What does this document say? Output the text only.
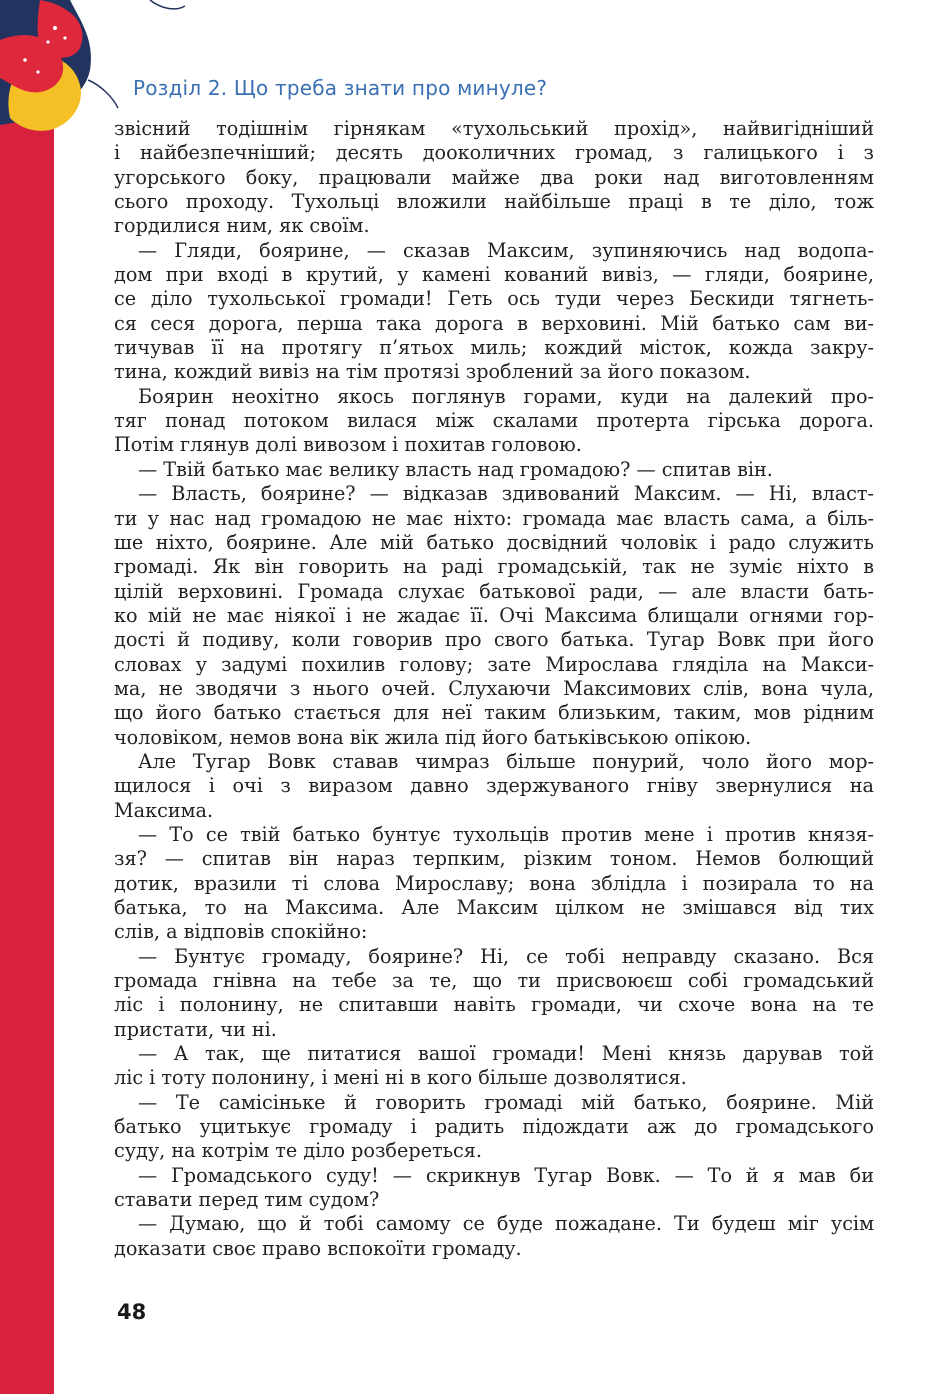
Розділ 2. Що треба знати про минуле?
звісний тодішнім гірнякам «тухольський прохід», найвигідніший
і найбезпечніший; десять дооколичних громад, з галицького і з
угорського боку, працювали майже два роки над виготовленням
сього проходу. Тухольці вложили найбільше праці в те діло, тож
гордилися ним, як своїм.
— Гляди, боярине, — сказав Максим, зупиняючись над водопа-
дом при вході в крутий, у камені кований вивіз, — гляди, боярине,
се діло тухольської громади! Геть ось туди через Бескиди тягнеть-
ся сеся дорога, перша така дорога в верховині. Мій батько сам ви-
тичував її на протягу п’ятьох миль; кождий місток, кожда закру-
тина, кождий вивіз на тім протязі зроблений за його показом.
Боярин неохітно якось поглянув горами, куди на далекий про-
тяг понад потоком вилася між скалами протерта гірська дорога.
Потім глянув долі вивозом і похитав головою.
— Твій батько має велику власть над громадою? — спитав він.
— Власть, боярине? — відказав здивований Максим. — Ні, власт-
ти у нас над громадою не має ніхто: громада має власть сама, а біль-
ше ніхто, боярине. Але мій батько досвідний чоловік і радо служить
громаді. Як він говорить на раді громадській, так не зуміє ніхто в
цілій верховині. Громада слухає батькової ради, — але власти бать-
ко мій не має ніякої і не жадає її. Очі Максима блищали огнями гор-
дості й подиву, коли говорив про свого батька. Тугар Вовк при його
словах у задумі похилив голову; зате Мирослава гляділа на Макси-
ма, не зводячи з нього очей. Слухаючи Максимових слів, вона чула,
що його батько стається для неї таким близьким, таким, мов рідним
чоловіком, немов вона вік жила під його батьківською опікою.
Але Тугар Вовк ставав чимраз більше понурий, чоло його мор-
щилося і очі з виразом давно здержуваного гніву звернулися на
Максима.
— То се твій батько бунтує тухольців против мене і против князя-
зя? — спитав він нараз терпким, різким тоном. Немов болющий
дотик, вразили ті слова Мирославу; вона зблідла і позирала то на
батька, то на Максима. Але Максим цілком не змішався від тих
слів, а відповів спокійно:
— Бунтує громаду, боярине? Ні, се тобі неправду сказано. Вся
громада гнівна на тебе за те, що ти присвоюєш собі громадський
ліс і полонину, не спитавши навіть громади, чи схоче вона на те
пристати, чи ні.
— А так, ще питатися вашої громади! Мені князь дарував той
ліс і тоту полонину, і мені ні в кого більше дозволятися.
— Те самісіньке й говорить громаді мій батько, боярине. Мій
батько уцитькує громаду і радить підождати аж до громадського
суду, на котрім те діло розбереться.
— Громадського суду! — скрикнув Тугар Вовк. — То й я мав би
ставати перед тим судом?
— Думаю, що й тобі самому се буде пожадане. Ти будеш міг усім
доказати своє право вспокоїти громаду.
48
